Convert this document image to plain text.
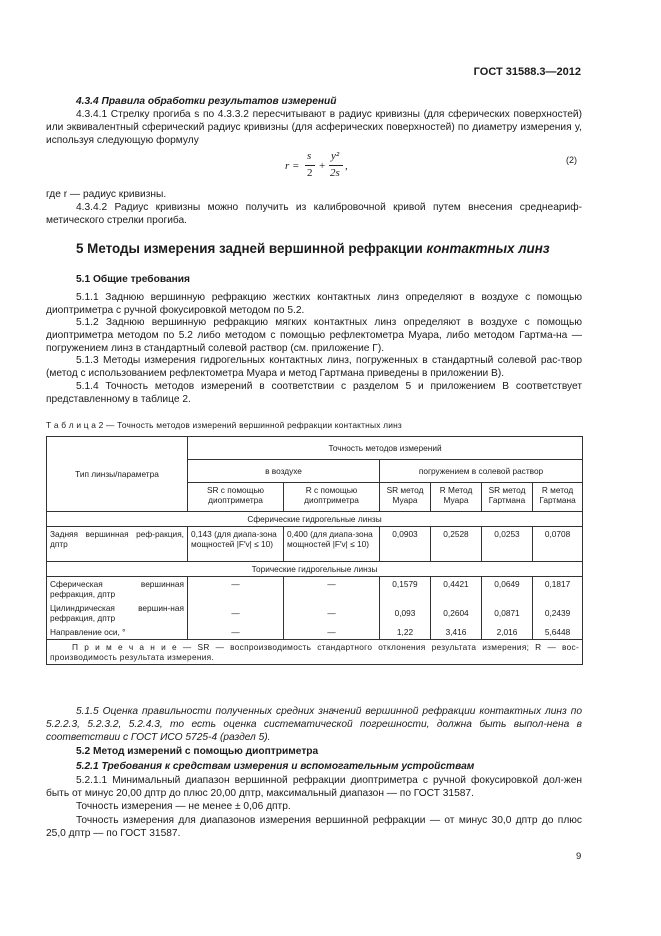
ГОСТ 31588.3—2012

4.3.4 Правила обработки результатов измерений

4.3.4.1 Стрелку прогиба s по 4.3.3.2 пересчитывают в радиус кривизны (для сферических поверхностей) или эквивалентный сферический радиус кривизны (для асферических поверхностей) по диаметру измерения y, используя следующую формулу

r =
s
2
+
y²
2s
,	(2)

где r — радиус кривизны.

4.3.4.2 Радиус кривизны можно получить из калибровочной кривой путем внесения среднеариф-метического стрелки прогиба.

5 Методы измерения задней вершинной рефракции контактных линз

5.1 Общие требования

5.1.1 Заднюю вершинную рефракцию жестких контактных линз определяют в воздухе с помощью диоптриметра с ручной фокусировкой методом по 5.2.

5.1.2 Заднюю вершинную рефракцию мягких контактных линз определяют в воздухе с помощью диоптриметра методом по 5.2 либо методом с помощью рефлектометра Муара, либо методом Гартма-на — погружением линз в стандартный солевой раствор (см. приложение Г).

5.1.3 Методы измерения гидрогельных контактных линз, погруженных в стандартный солевой рас-твор (метод с использованием рефлектометра Муара и метод Гартмана приведены в приложении В).

5.1.4 Точность методов измерений в соответствии с разделом 5 и приложением В соответствует представленному в таблице 2.

Т а б л и ц а 2 — Точность методов измерений вершинной рефракции контактных линз
Тип линзы/параметра	Точность методов измерений					
	в воздухе		погружением в солевой раствор			
	SR с помощью диоптриметра	R с помощью диоптриметра	SR метод Муара	R Метод Муара	SR метод Гартмана	R метод Гартмана
Сферические гидрогельные линзы						
Задняя вершинная реф-ракция, дптр	0,143 (для диапа-зона мощностей |F′v| ≤ 10)	0,400 (для диапа-зона мощностей |F′v| ≤ 10)	0,0903	0,2528	0,0253	0,0708
Торические гидрогельные линзы						
Сферическая вершинная рефракция, дптр	—	—	0,1579	0,4421	0,0649	0,1817
Цилиндрическая вершин-ная рефракция, дптр	—	—	0,093	0,2604	0,0871	0,2439
Направление оси, °	—	—	1,22	3,416	2,016	5,6448
П р и м е ч а н и е — SR — воспроизводимость стандартного отклонения результата измерения; R — вос-производимость результата измерения.						

5.1.5 Оценка правильности полученных средних значений вершинной рефракции контактных линз по 5.2.2.3, 5.2.3.2, 5.2.4.3, то есть оценка систематической погрешности, должна быть выпол-нена в соответствии с ГОСТ ИСО 5725-4 (раздел 5).

5.2 Метод измерений с помощью диоптриметра

5.2.1 Требования к средствам измерения и вспомогательным устройствам

5.2.1.1 Минимальный диапазон вершинной рефракции диоптриметра с ручной фокусировкой дол-жен быть от минус 20,00 дптр до плюс 20,00 дптр, максимальный диапазон — по ГОСТ 31587.

Точность измерения — не менее ± 0,06 дптр.

Точность измерения для диапазонов измерения вершинной рефракции — от минус 30,0 дптр до плюс 25,0 дптр — по ГОСТ 31587.

9
